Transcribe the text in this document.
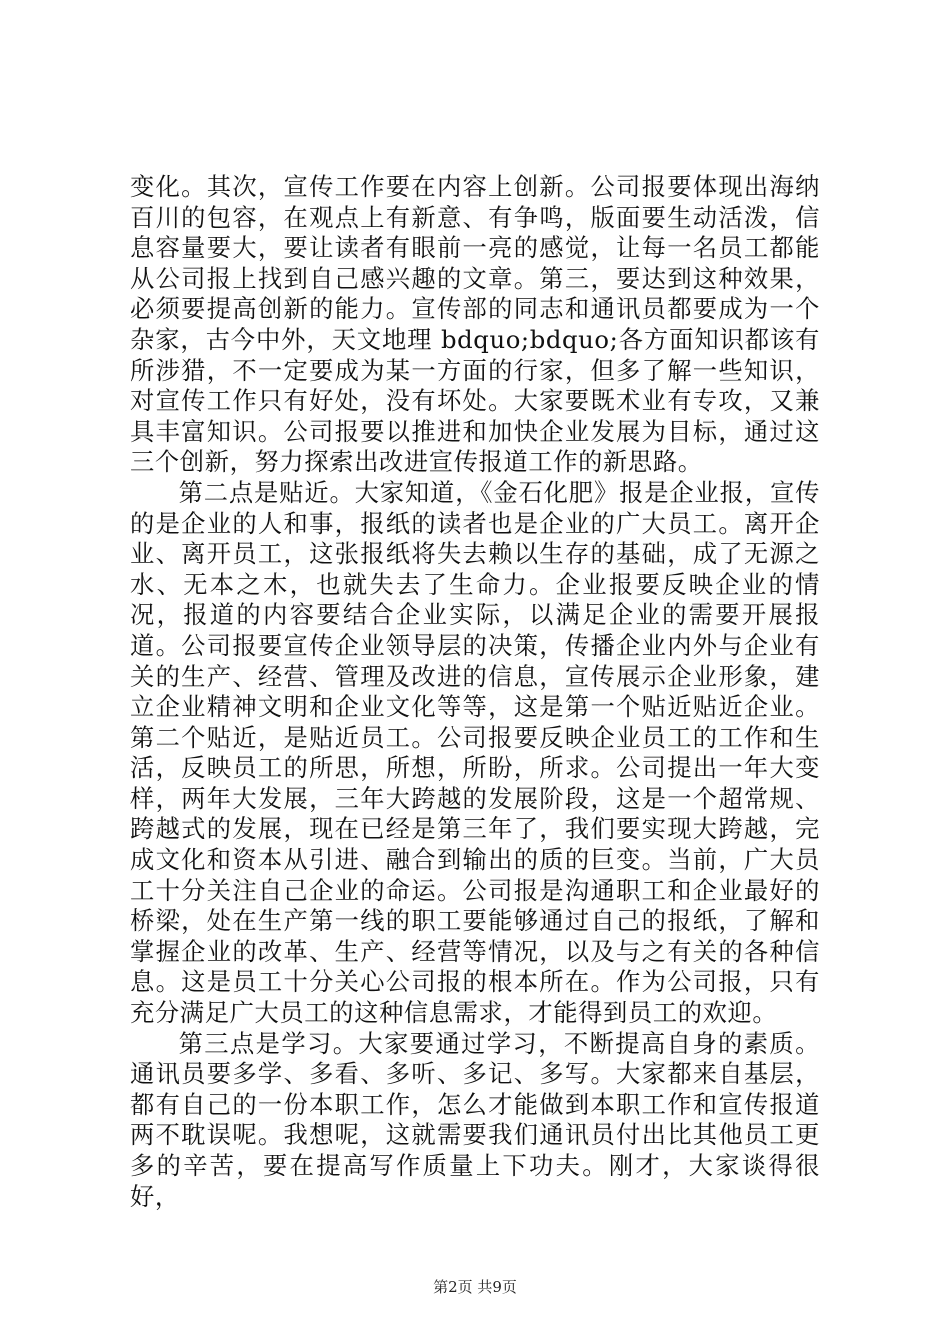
变化。其次，宣传工作要在内容上创新。公司报要体现出海纳百川的包容，在观点上有新意、有争鸣，版面要生动活泼，信息容量要大，要让读者有眼前一亮的感觉，让每一名员工都能从公司报上找到自己感兴趣的文章。第三，要达到这种效果，必须要提高创新的能力。宣传部的同志和通讯员都要成为一个杂家，古今中外，天文地理 bdquo;bdquo;各方面知识都该有所涉猎，不一定要成为某一方面的行家，但多了解一些知识，对宣传工作只有好处，没有坏处。大家要既术业有专攻，又兼具丰富知识。公司报要以推进和加快企业发展为目标，通过这三个创新，努力探索出改进宣传报道工作的新思路。

第二点是贴近。大家知道，《金石化肥》报是企业报，宣传的是企业的人和事，报纸的读者也是企业的广大员工。离开企业、离开员工，这张报纸将失去赖以生存的基础，成了无源之水、无本之木，也就失去了生命力。企业报要反映企业的情况，报道的内容要结合企业实际，以满足企业的需要开展报道。公司报要宣传企业领导层的决策，传播企业内外与企业有关的生产、经营、管理及改进的信息，宣传展示企业形象，建立企业精神文明和企业文化等等，这是第一个贴近贴近企业。第二个贴近，是贴近员工。公司报要反映企业员工的工作和生活，反映员工的所思，所想，所盼，所求。公司提出一年大变样，两年大发展，三年大跨越的发展阶段，这是一个超常规、跨越式的发展，现在已经是第三年了，我们要实现大跨越，完成文化和资本从引进、融合到输出的质的巨变。当前，广大员工十分关注自己企业的命运。公司报是沟通职工和企业最好的桥梁，处在生产第一线的职工要能够通过自己的报纸，了解和掌握企业的改革、生产、经营等情况，以及与之有关的各种信息。这是员工十分关心公司报的根本所在。作为公司报，只有充分满足广大员工的这种信息需求，才能得到员工的欢迎。

第三点是学习。大家要通过学习，不断提高自身的素质。通讯员要多学、多看、多听、多记、多写。大家都来自基层，都有自己的一份本职工作，怎么才能做到本职工作和宣传报道两不耽误呢。我想呢，这就需要我们通讯员付出比其他员工更多的辛苦，要在提高写作质量上下功夫。刚才，大家谈得很好，

第2页 共9页
